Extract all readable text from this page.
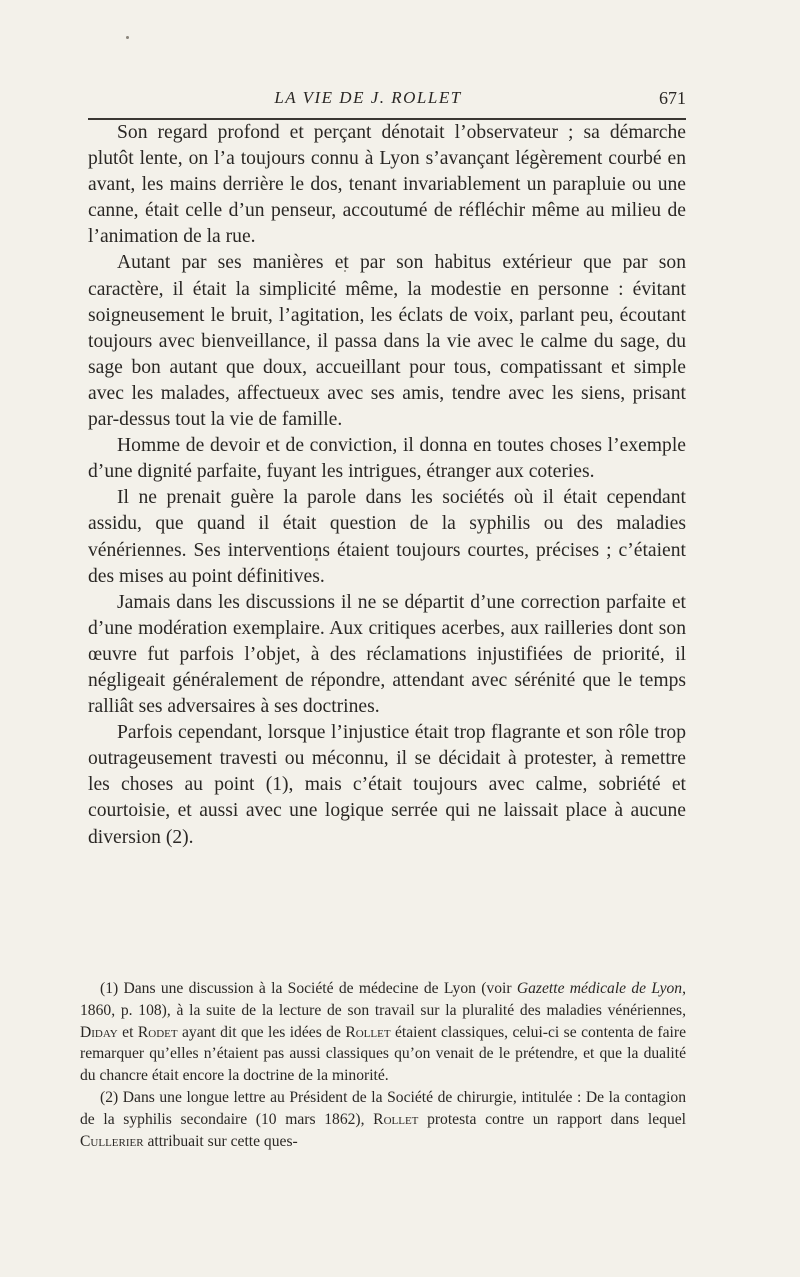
LA VIE DE J. ROLLET	671

Son regard profond et perçant dénotait l’observateur ; sa démarche plutôt lente, on l’a toujours connu à Lyon s’avançant légèrement courbé en avant, les mains derrière le dos, tenant invariablement un parapluie ou une canne, était celle d’un penseur, accoutumé de réfléchir même au milieu de l’animation de la rue.

Autant par ses manières et par son habitus extérieur que par son caractère, il était la simplicité même, la modestie en personne : évitant soigneusement le bruit, l’agitation, les éclats de voix, parlant peu, écoutant toujours avec bienveillance, il passa dans la vie avec le calme du sage, du sage bon autant que doux, accueillant pour tous, compatissant et simple avec les malades, affectueux avec ses amis, tendre avec les siens, prisant par-dessus tout la vie de famille.

Homme de devoir et de conviction, il donna en toutes choses l’exemple d’une dignité parfaite, fuyant les intrigues, étranger aux coteries.

Il ne prenait guère la parole dans les sociétés où il était cependant assidu, que quand il était question de la syphilis ou des maladies vénériennes. Ses interventions étaient toujours courtes, précises ; c’étaient des mises au point définitives.

Jamais dans les discussions il ne se départit d’une correction parfaite et d’une modération exemplaire. Aux critiques acerbes, aux railleries dont son œuvre fut parfois l’objet, à des réclamations injustifiées de priorité, il négligeait généralement de répondre, attendant avec sérénité que le temps ralliât ses adversaires à ses doctrines.

Parfois cependant, lorsque l’injustice était trop flagrante et son rôle trop outrageusement travesti ou méconnu, il se décidait à protester, à remettre les choses au point (1), mais c’était toujours avec calme, sobriété et courtoisie, et aussi avec une logique serrée qui ne laissait place à aucune diversion (2).

(1) Dans une discussion à la Société de médecine de Lyon (voir Gazette médicale de Lyon, 1860, p. 108), à la suite de la lecture de son travail sur la pluralité des maladies vénériennes, Diday et Rodet ayant dit que les idées de Rollet étaient classiques, celui-ci se contenta de faire remarquer qu’elles n’étaient pas aussi classiques qu’on venait de le prétendre, et que la dualité du chancre était encore la doctrine de la minorité.

(2) Dans une longue lettre au Président de la Société de chirurgie, intitulée : De la contagion de la syphilis secondaire (10 mars 1862), Rollet protesta contre un rapport dans lequel Cullerier attribuait sur cette ques-
